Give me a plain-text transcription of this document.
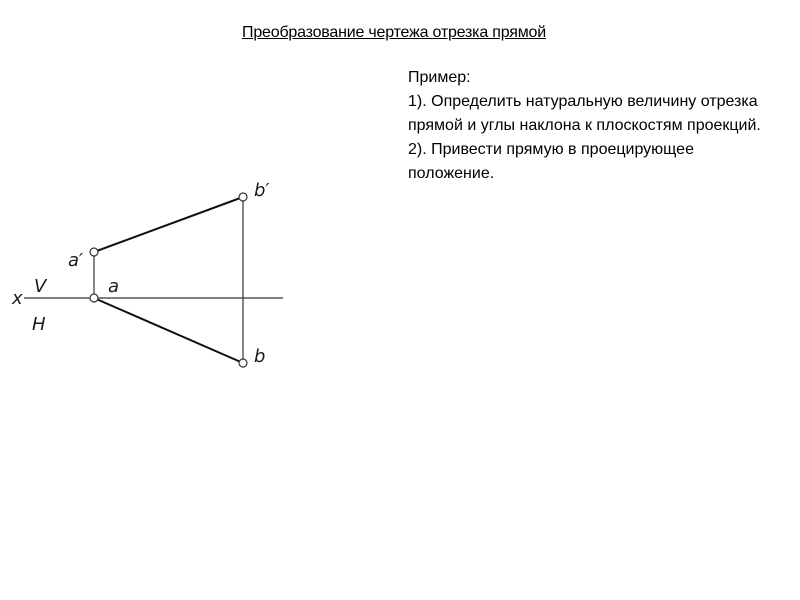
Преобразование чертежа отрезка прямой
Пример:
1). Определить натуральную величину отрезка прямой и углы наклона к плоскостям проекций.
2). Привести прямую в проецирующее положение.
x
V
H
a′
a
b′
b
